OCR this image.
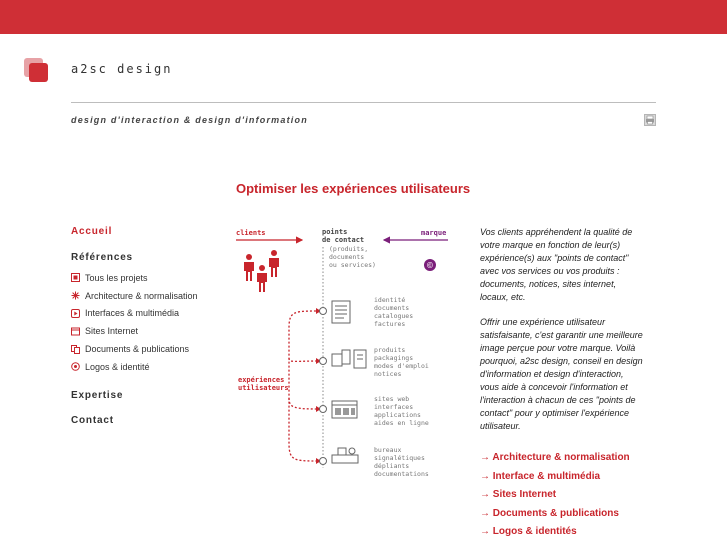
a2sc design
design d'interaction & design d'information
Optimiser les expériences utilisateurs
Accueil
Références
Tous les projets
Architecture & normalisation
Interfaces & multimédia
Sites Internet
Documents & publications
Logos & identité
Expertise
Contact
clients	points
de contact
(produits,
documents
ou services)
marque
©
expériences
utilisateurs
identité
documents
catalogues
factures
produits
packagings
modes d'emploi
notices
sites web
interfaces
applications
aides en ligne
bureaux
signalétiques
dépliants
documentations

Vos clients appréhendent la qualité de votre marque en fonction de leur(s) expérience(s) aux "points de contact" avec vos services ou vos produits : documents, notices, sites internet, locaux, etc.

Offrir une expérience utilisateur satisfaisante, c'est garantir une meilleure image perçue pour votre marque. Voilà pourquoi, a2sc design, conseil en design d'information et design d'interaction, vous aide à concevoir l'information et l'interaction à chacun de ces "points de contact" pour y optimiser l'expérience utilisateur.

→ Architecture & normalisation
→ Interface & multimédia
→ Sites Internet
→ Documents & publications
→ Logos & identités
